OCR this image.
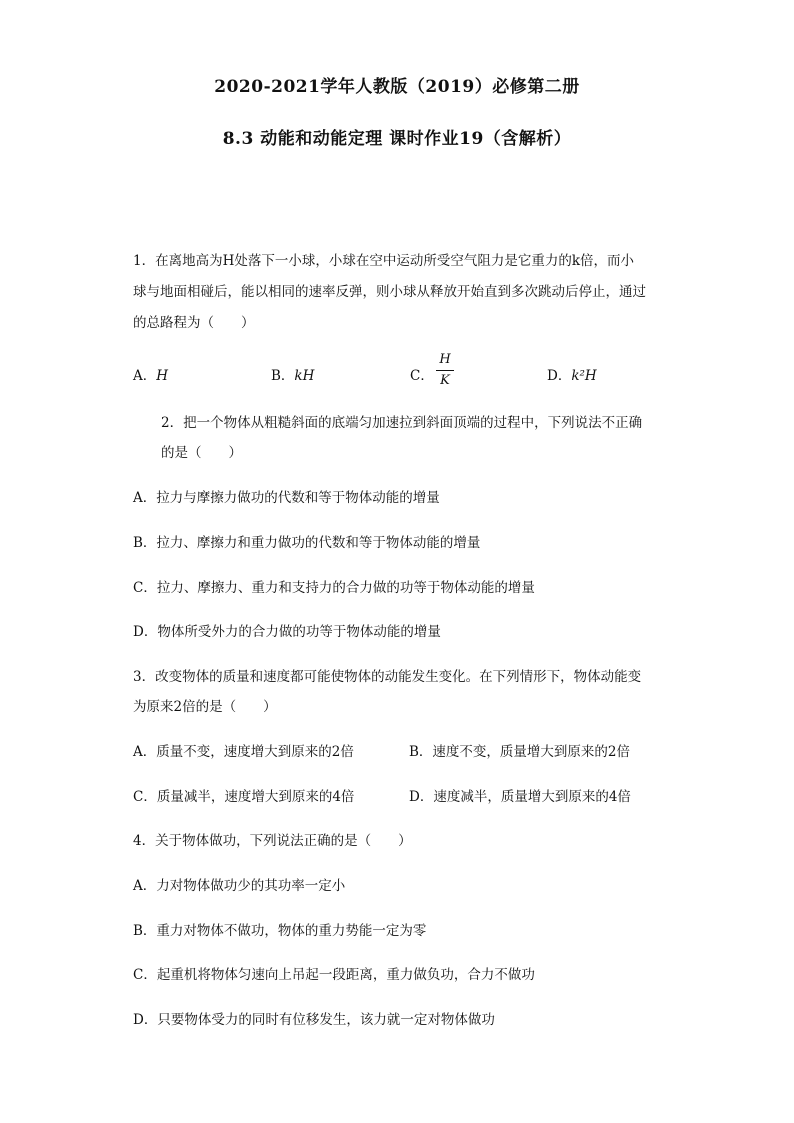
2020-2021学年人教版（2019）必修第二册
8.3 动能和动能定理 课时作业19（含解析）
1．在离地高为H处落下一小球，小球在空中运动所受空气阻力是它重力的k倍，而小
球与地面相碰后，能以相同的速率反弹，则小球从释放开始直到多次跳动后停止，通过
的总路程为（　　）
A．H	B．kH	C．
H
K	D．k²H
2．把一个物体从粗糙斜面的底端匀加速拉到斜面顶端的过程中，下列说法不正确
的是（　　）
A．拉力与摩擦力做功的代数和等于物体动能的增量
B．拉力、摩擦力和重力做功的代数和等于物体动能的增量
C．拉力、摩擦力、重力和支持力的合力做的功等于物体动能的增量
D．物体所受外力的合力做的功等于物体动能的增量
3．改变物体的质量和速度都可能使物体的动能发生变化。在下列情形下，物体动能变
为原来2倍的是（　　）
A．质量不变，速度增大到原来的2倍	B．速度不变，质量增大到原来的2倍
C．质量减半，速度增大到原来的4倍	D．速度减半，质量增大到原来的4倍
4．关于物体做功，下列说法正确的是（　　）
A．力对物体做功少的其功率一定小
B．重力对物体不做功，物体的重力势能一定为零
C．起重机将物体匀速向上吊起一段距离，重力做负功，合力不做功
D．只要物体受力的同时有位移发生，该力就一定对物体做功
